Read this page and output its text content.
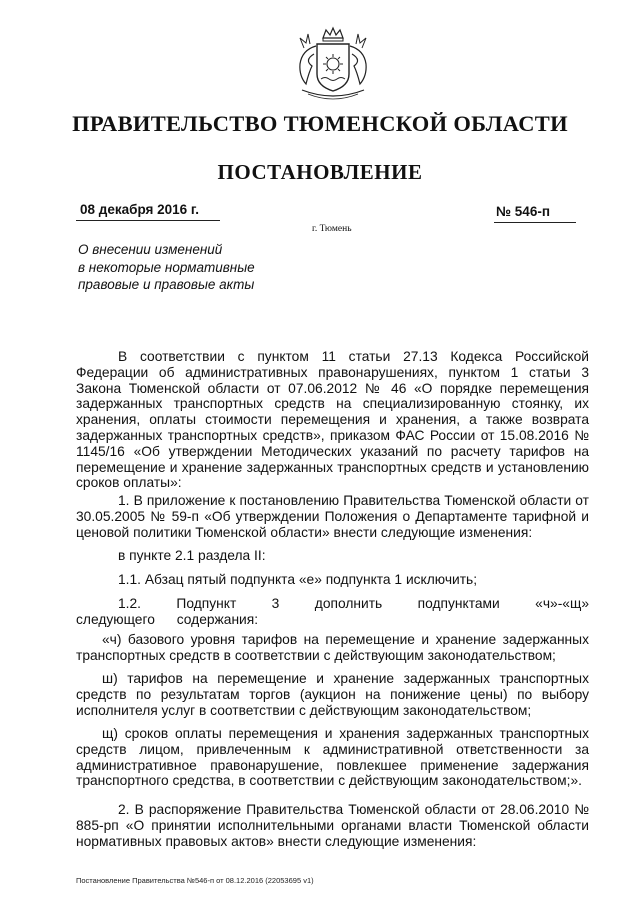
ПРАВИТЕЛЬСТВО ТЮМЕНСКОЙ ОБЛАСТИ
ПОСТАНОВЛЕНИЕ
08 декабря 2016 г.
г. Тюмень
№ 546-п
О внесении изменений
в некоторые нормативные
правовые и правовые акты
В соответствии с пунктом 11 статьи 27.13 Кодекса Российской Федерации об административных правонарушениях, пунктом 1 статьи 3 Закона Тюменской области от 07.06.2012 № 46 «О порядке перемещения задержанных транспортных средств на специализированную стоянку, их хранения, оплаты стоимости перемещения и хранения, а также возврата задержанных транспортных средств», приказом ФАС России от 15.08.2016 № 1145/16 «Об утверждении Методических указаний по расчету тарифов на перемещение и хранение задержанных транспортных средств и установлению сроков оплаты»:
1. В приложение к постановлению Правительства Тюменской области от 30.05.2005 № 59-п «Об утверждении Положения о Департаменте тарифной и ценовой политики Тюменской области» внести следующие изменения:
в пункте 2.1 раздела II:
1.1. Абзац пятый подпункта «е» подпункта 1 исключить;
1.2. Подпункт 3 дополнить подпунктами «ч»-«щ» следующего содержания:
«ч) базового уровня тарифов на перемещение и хранение задержанных транспортных средств в соответствии с действующим законодательством;
ш) тарифов на перемещение и хранение задержанных транспортных средств по результатам торгов (аукцион на понижение цены) по выбору исполнителя услуг в соответствии с действующим законодательством;
щ) сроков оплаты перемещения и хранения задержанных транспортных средств лицом, привлеченным к административной ответственности за административное правонарушение, повлекшее применение задержания транспортного средства, в соответствии с действующим законодательством;».
2. В распоряжение Правительства Тюменской области от 28.06.2010 № 885-рп «О принятии исполнительными органами власти Тюменской области нормативных правовых актов» внести следующие изменения:
Постановление Правительства №546-п от 08.12.2016 (22053695 v1)
